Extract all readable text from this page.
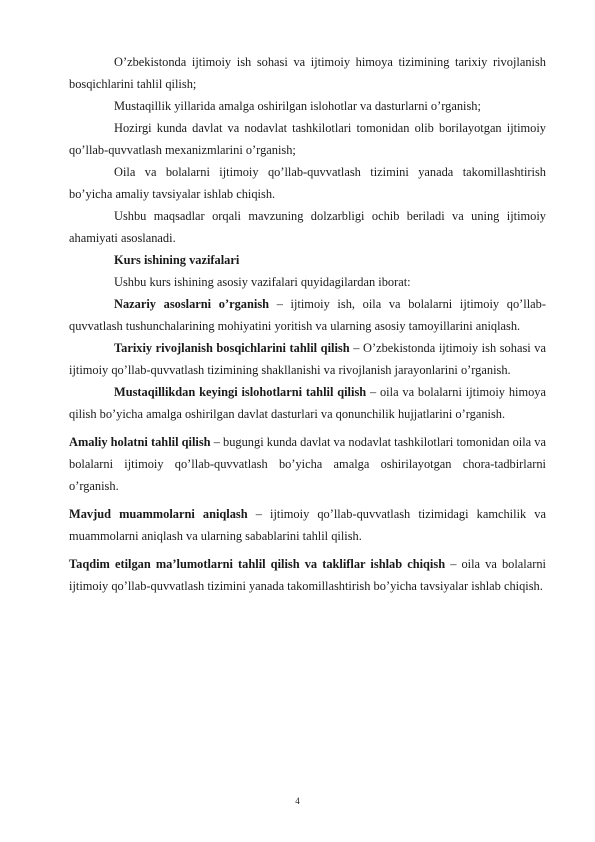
O’zbekistonda ijtimoiy ish sohasi va ijtimoiy himoya tizimining tarixiy rivojlanish bosqichlarini tahlil qilish;

Mustaqillik yillarida amalga oshirilgan islohotlar va dasturlarni o’rganish;

Hozirgi kunda davlat va nodavlat tashkilotlari tomonidan olib borilayotgan ijtimoiy qo’llab-quvvatlash mexanizmlarini o’rganish;

Oila va bolalarni ijtimoiy qo’llab-quvvatlash tizimini yanada takomillashtirish bo’yicha amaliy tavsiyalar ishlab chiqish.

Ushbu maqsadlar orqali mavzuning dolzarbligi ochib beriladi va uning ijtimoiy ahamiyati asoslanadi.

Kurs ishining vazifalari

Ushbu kurs ishining asosiy vazifalari quyidagilardan iborat:

Nazariy asoslarni o’rganish – ijtimoiy ish, oila va bolalarni ijtimoiy qo’llab-quvvatlash tushunchalarining mohiyatini yoritish va ularning asosiy tamoyillarini aniqlash.

Tarixiy rivojlanish bosqichlarini tahlil qilish – O’zbekistonda ijtimoiy ish sohasi va ijtimoiy qo’llab-quvvatlash tizimining shakllanishi va rivojlanish jarayonlarini o’rganish.

Mustaqillikdan keyingi islohotlarni tahlil qilish – oila va bolalarni ijtimoiy himoya qilish bo’yicha amalga oshirilgan davlat dasturlari va qonunchilik hujjatlarini o’rganish.

Amaliy holatni tahlil qilish – bugungi kunda davlat va nodavlat tashkilotlari tomonidan oila va bolalarni ijtimoiy qo’llab-quvvatlash bo’yicha amalga oshirilayotgan chora-tadbirlarni o’rganish.

Mavjud muammolarni aniqlash – ijtimoiy qo’llab-quvvatlash tizimidagi kamchilik va muammolarni aniqlash va ularning sabablarini tahlil qilish.

Taqdim etilgan ma’lumotlarni tahlil qilish va takliflar ishlab chiqish – oila va bolalarni ijtimoiy qo’llab-quvvatlash tizimini yanada takomillashtirish bo’yicha tavsiyalar ishlab chiqish.

4
